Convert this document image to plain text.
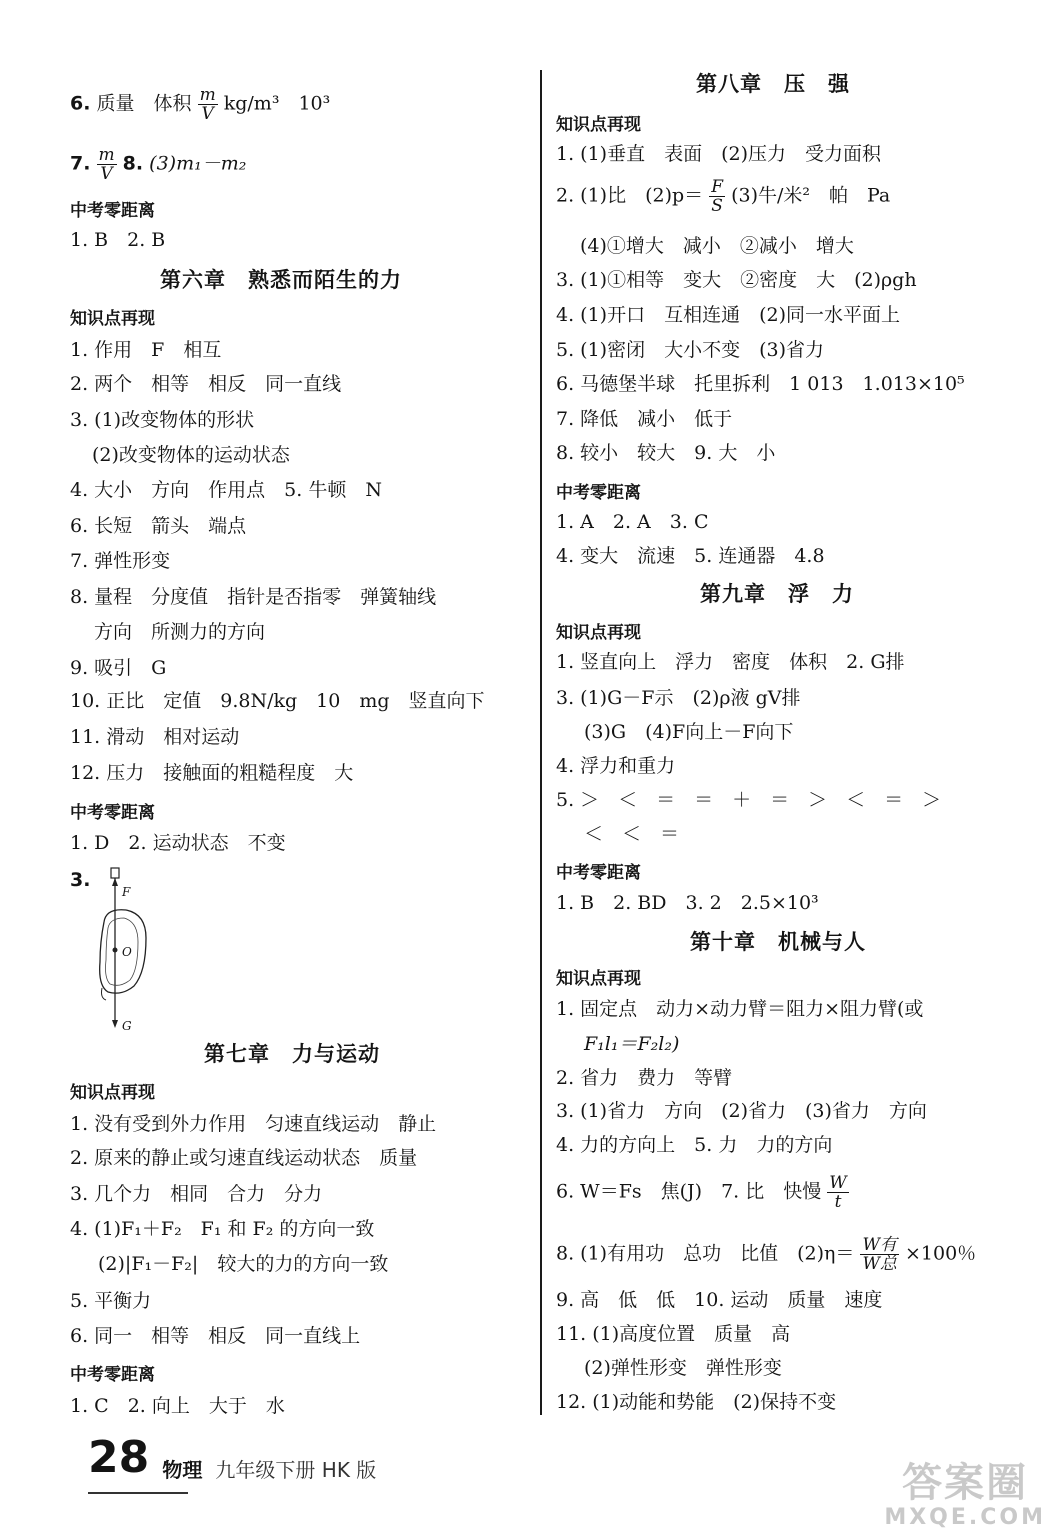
6. 质量　体积 $\frac{m}{V} kg/m^3$　10³
7. $\frac{m}{V} 8$. (3)m₁－m₂
中考零距离
1. B　2. B
第六章　熟悉而陌生的力
知识点再现
1. 作用　F　相互
2. 两个　相等　相反　同一直线
3. (1)改变物体的形状
(2)改变物体的运动状态
4. 大小　方向　作用点　5. 牛顿　N
6. 长短　箭头　端点
7. 弹性形变
8. 量程　分度值　指针是否指零　弹簧轴线
方向　所测力的方向
9. 吸引　G
10. 正比　定值　9.8N/kg　10　mg　竖直向下
11. 滑动　相对运动
12. 压力　接触面的粗糙程度　大
中考零距离
1. D　2. 运动状态　不变
3.
F
O
G
第七章　力与运动
知识点再现
1. 没有受到外力作用　匀速直线运动　静止
2. 原来的静止或匀速直线运动状态　质量
3. 几个力　相同　合力　分力
4. (1)F₁＋F₂　F₁ 和 F₂ 的方向一致
(2)|F₁－F₂|　较大的力的方向一致
5. 平衡力
6. 同一　相等　相反　同一直线上
中考零距离
1. C　2. 向上　大于　水
第八章　压　强
知识点再现
1. (1)垂直　表面　(2)压力　受力面积
2. (1)比　$(2)p= \frac{F}{S} (3)$牛/米²　帕　Pa
(4)①增大　减小　②减小　增大
3. (1)①相等　变大　②密度　大　(2)ρgh
4. (1)开口　互相连通　(2)同一水平面上
5. (1)密闭　大小不变　(3)省力
6. 马德堡半球　托里拆利　1 013　1.013×10⁵
7. 降低　减小　低于
8. 较小　较大　9. 大　小
中考零距离
1. A　2. A　3. C
4. 变大　流速　5. 连通器　4.8
第九章　浮　力
知识点再现
1. 竖直向上　浮力　密度　体积　2. G排
3. (1)G－F示　(2)ρ液 gV排
(3)G　(4)F向上－F向下
4. 浮力和重力
5. ＞　＜　＝　＝　＋　＝　＞　＜　＝　＞
＜　＜　＝
中考零距离
1. B　2. BD　3. 2　2.5×10³
第十章　机械与人
知识点再现
1. 固定点　动力×动力臂＝阻力×阻力臂(或
F₁l₁＝F₂l₂)
2. 省力　费力　等臂
3. (1)省力　方向　(2)省力　(3)省力　方向
4. 力的方向上　5. 力　力的方向
6. W＝Fs　焦(J)　7. 比　快慢 $\frac{W}{t}$
8. (1)有用功　总功　比值　$(2)\eta= \frac{\text{W有}}{\text{W总}} \times 100$％
9. 高　低　低　10. 运动　质量　速度
11. (1)高度位置　质量　高
(2)弹性形变　弹性形变
12. (1)动能和势能　(2)保持不变
28 物理 九年级下册 HK 版	答案圈
MXQE.COM
